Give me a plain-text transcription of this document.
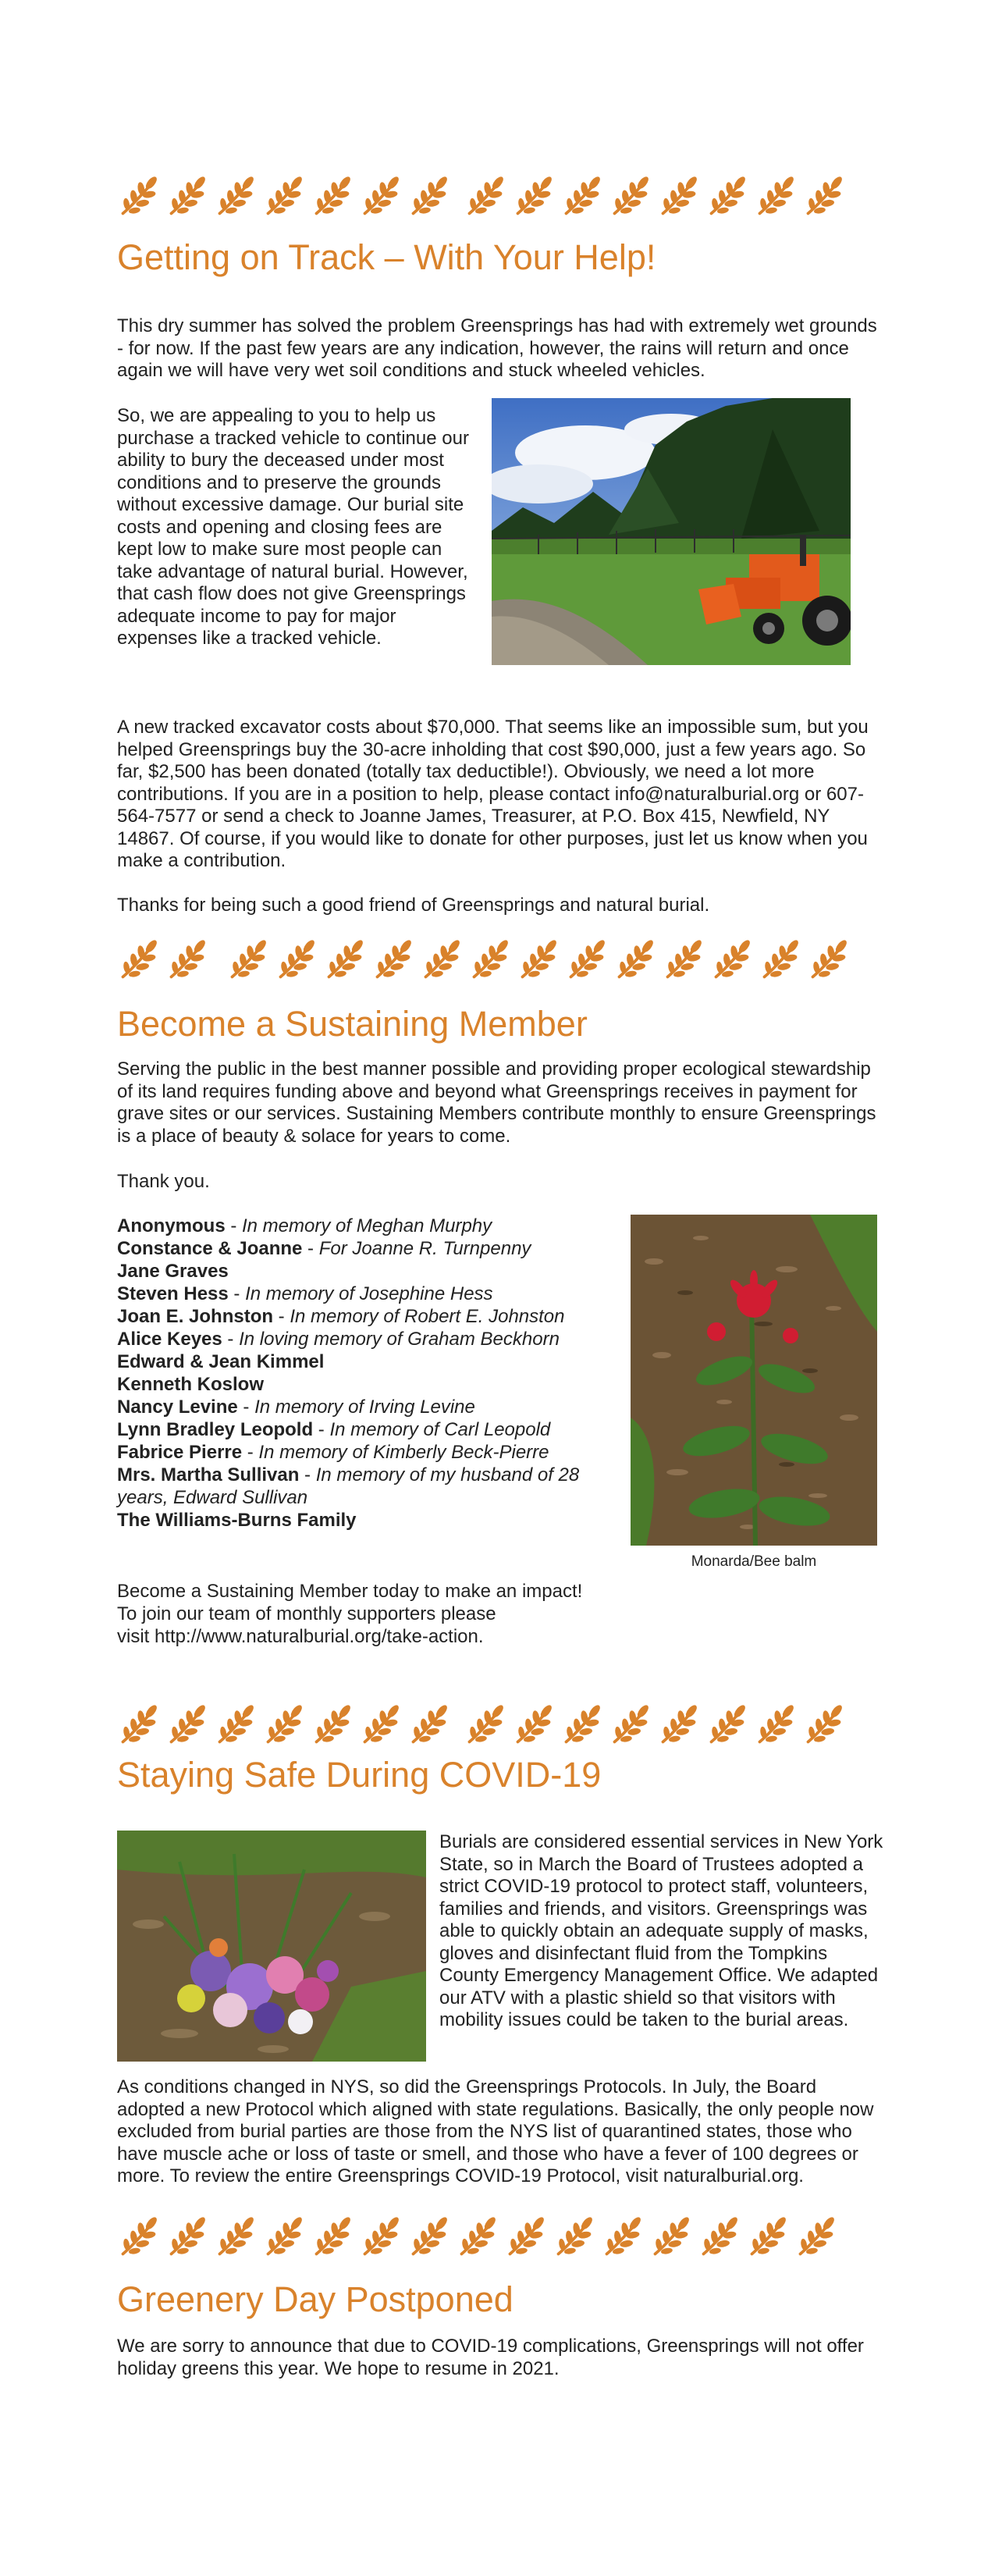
Getting on Track – With Your Help!

This dry summer has solved the problem Greensprings has had with extremely wet grounds - for now. If the past few years are any indication, however, the rains will return and once again we will have very wet soil conditions and stuck wheeled vehicles.

So, we are appealing to you to help us purchase a tracked vehicle to continue our ability to bury the deceased under most conditions and to preserve the grounds without excessive damage. Our burial site costs and opening and closing fees are kept low to make sure most people can take advantage of natural burial. However, that cash flow does not give Greensprings adequate income to pay for major expenses like a tracked vehicle.

A new tracked excavator costs about $70,000. That seems like an impossible sum, but you helped Greensprings buy the 30-acre inholding that cost $90,000, just a few years ago. So far, $2,500 has been donated (totally tax deductible!). Obviously, we need a lot more contributions. If you are in a position to help, please contact info@naturalburial.org or 607-564-7577 or send a check to Joanne James, Treasurer, at P.O. Box 415, Newfield, NY 14867. Of course, if you would like to donate for other purposes, just let us know when you make a contribution.

Thanks for being such a good friend of Greensprings and natural burial.

Become a Sustaining Member

Serving the public in the best manner possible and providing proper ecological stewardship of its land requires funding above and beyond what Greensprings receives in payment for grave sites or our services. Sustaining Members contribute monthly to ensure Greensprings is a place of beauty & solace for years to come.

Thank you.

Anonymous - In memory of Meghan Murphy

Constance & Joanne - For Joanne R. Turnpenny

Jane Graves

Steven Hess - In memory of Josephine Hess

Joan E. Johnston - In memory of Robert E. Johnston

Alice Keyes - In loving memory of Graham Beckhorn

Edward & Jean Kimmel

Kenneth Koslow

Nancy Levine - In memory of Irving Levine

Lynn Bradley Leopold - In memory of Carl Leopold

Fabrice Pierre - In memory of Kimberly Beck-Pierre

Mrs. Martha Sullivan - In memory of my husband of 28

years, Edward Sullivan

The Williams-Burns Family

Monarda/Bee balm

Become a Sustaining Member today to make an impact!

To join our team of monthly supporters please

visit http://www.naturalburial.org/take-action.

Staying Safe During COVID-19

Burials are considered essential services in New York State, so in March the Board of Trustees adopted a strict COVID-19 protocol to protect staff, volunteers, families and friends, and visitors. Greensprings was able to quickly obtain an adequate supply of masks, gloves and disinfectant fluid from the Tompkins County Emergency Management Office. We adapted our ATV with a plastic shield so that visitors with mobility issues could be taken to the burial areas.

As conditions changed in NYS, so did the Greensprings Protocols. In July, the Board adopted a new Protocol which aligned with state regulations. Basically, the only people now excluded from burial parties are those from the NYS list of quarantined states, those who have muscle ache or loss of taste or smell, and those who have a fever of 100 degrees or more. To review the entire Greensprings COVID-19 Protocol, visit naturalburial.org.

Greenery Day Postponed

We are sorry to announce that due to COVID-19 complications, Greensprings will not offer holiday greens this year. We hope to resume in 2021.
